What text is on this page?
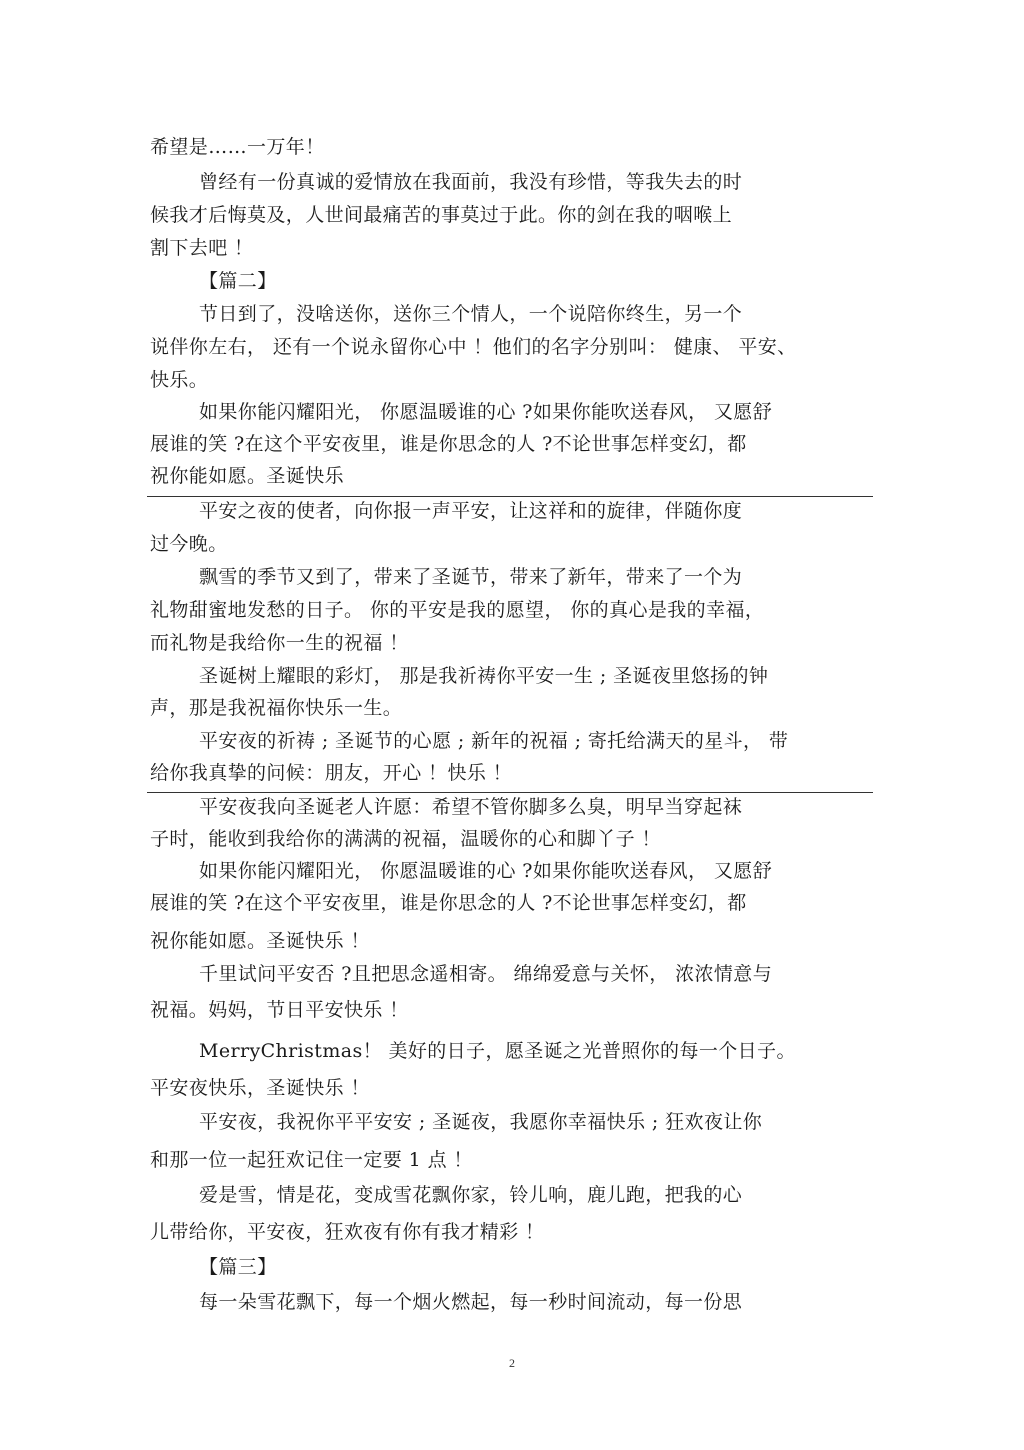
希望是……一万年！
曾经有一份真诚的爱情放在我面前，我没有珍惜，等我失去的时
候我才后悔莫及，人世间最痛苦的事莫过于此。你的剑在我的咽喉上
割下去吧 ！
【篇二】
节日到了，没啥送你，送你三个情人，一个说陪你终生，另一个
说伴你左右， 还有一个说永留你心中 ！他们的名字分别叫： 健康、 平安、
快乐。
如果你能闪耀阳光， 你愿温暖谁的心 ?如果你能吹送春风， 又愿舒
展谁的笑 ?在这个平安夜里，谁是你思念的人 ?不论世事怎样变幻，都
祝你能如愿。圣诞快乐
平安之夜的使者，向你报一声平安，让这祥和的旋律，伴随你度
过今晚。
飘雪的季节又到了，带来了圣诞节，带来了新年，带来了一个为
礼物甜蜜地发愁的日子。 你的平安是我的愿望， 你的真心是我的幸福，
而礼物是我给你一生的祝福 ！
圣诞树上耀眼的彩灯， 那是我祈祷你平安一生 ; 圣诞夜里悠扬的钟
声，那是我祝福你快乐一生。
平安夜的祈祷 ; 圣诞节的心愿 ; 新年的祝福 ; 寄托给满天的星斗， 带
给你我真挚的问候：朋友，开心 ！快乐 ！
平安夜我向圣诞老人许愿：希望不管你脚多么臭，明早当穿起袜
子时，能收到我给你的满满的祝福，温暖你的心和脚丫子 ！
如果你能闪耀阳光， 你愿温暖谁的心 ?如果你能吹送春风， 又愿舒
展谁的笑 ?在这个平安夜里，谁是你思念的人 ?不论世事怎样变幻，都
祝你能如愿。圣诞快乐 ！
千里试问平安否 ?且把思念遥相寄。 绵绵爱意与关怀， 浓浓情意与
祝福。妈妈，节日平安快乐 ！
MerryChristmas！ 美好的日子，愿圣诞之光普照你的每一个日子。
平安夜快乐，圣诞快乐 ！
平安夜，我祝你平平安安 ; 圣诞夜，我愿你幸福快乐 ; 狂欢夜让你
和那一位一起狂欢记住一定要 1 点 ！
爱是雪，情是花，变成雪花飘你家，铃儿响，鹿儿跑，把我的心
儿带给你，平安夜，狂欢夜有你有我才精彩 ！
【篇三】
每一朵雪花飘下，每一个烟火燃起，每一秒时间流动，每一份思
2
